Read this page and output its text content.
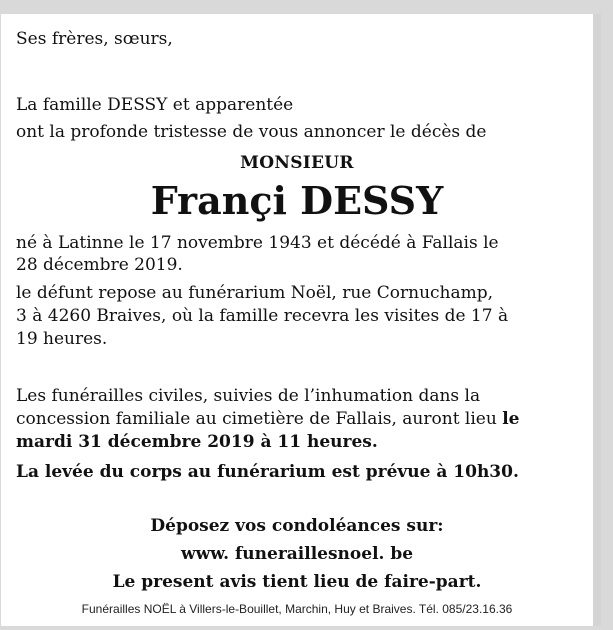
Ses frères, sœurs,
La famille DESSY et apparentée
ont la profonde tristesse de vous annoncer le décès de
MONSIEUR
Françi DESSY
né à Latinne le 17 novembre 1943 et décédé à Fallais le
28 décembre 2019.
le défunt repose au funérarium Noël, rue Cornuchamp,
3 à 4260 Braives, où la famille recevra les visites de 17 à
19 heures.
Les funérailles civiles, suivies de l’inhumation dans la
concession familiale au cimetière de Fallais, auront lieu le
mardi 31 décembre 2019 à 11 heures.
La levée du corps au funérarium est prévue à 10h30.
Déposez vos condoléances sur:
www. funeraillesnoel. be
Le present avis tient lieu de faire-part.
Funérailles NOËL à Villers-le-Bouillet, Marchin, Huy et Braives. Tél. 085/23.16.36
